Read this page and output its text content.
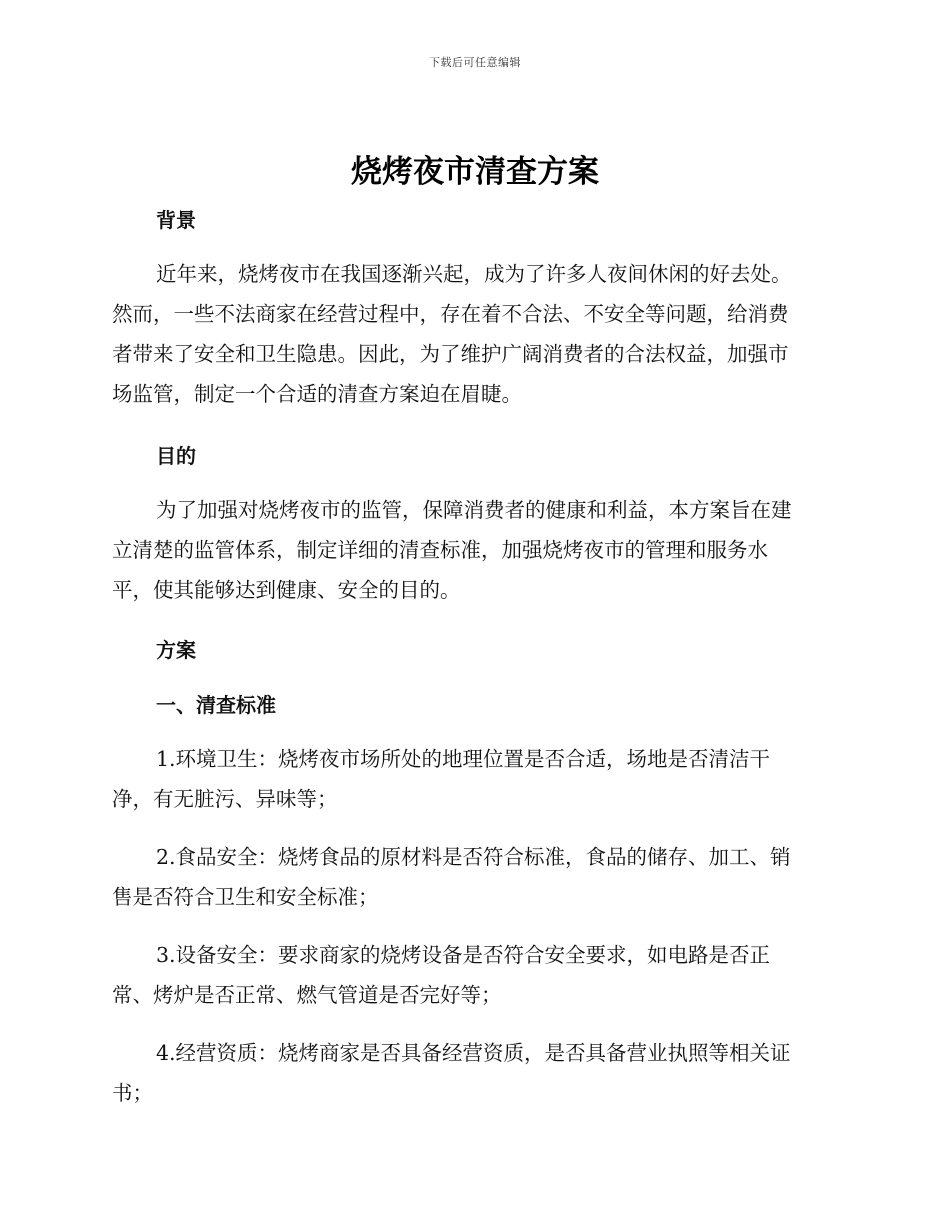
下载后可任意编辑
烧烤夜市清查方案
背景
近年来，烧烤夜市在我国逐渐兴起，成为了许多人夜间休闲的好去处。
然而，一些不法商家在经营过程中，存在着不合法、不安全等问题，给消费
者带来了安全和卫生隐患。因此，为了维护广阔消费者的合法权益，加强市
场监管，制定一个合适的清查方案迫在眉睫。
目的
为了加强对烧烤夜市的监管，保障消费者的健康和利益，本方案旨在建
立清楚的监管体系，制定详细的清查标准，加强烧烤夜市的管理和服务水
平，使其能够达到健康、安全的目的。
方案
一、清查标准
1.环境卫生：烧烤夜市场所处的地理位置是否合适，场地是否清洁干
净，有无脏污、异味等；
2.食品安全：烧烤食品的原材料是否符合标准，食品的储存、加工、销
售是否符合卫生和安全标准；
3.设备安全：要求商家的烧烤设备是否符合安全要求，如电路是否正
常、烤炉是否正常、燃气管道是否完好等；
4.经营资质：烧烤商家是否具备经营资质，是否具备营业执照等相关证
书；
